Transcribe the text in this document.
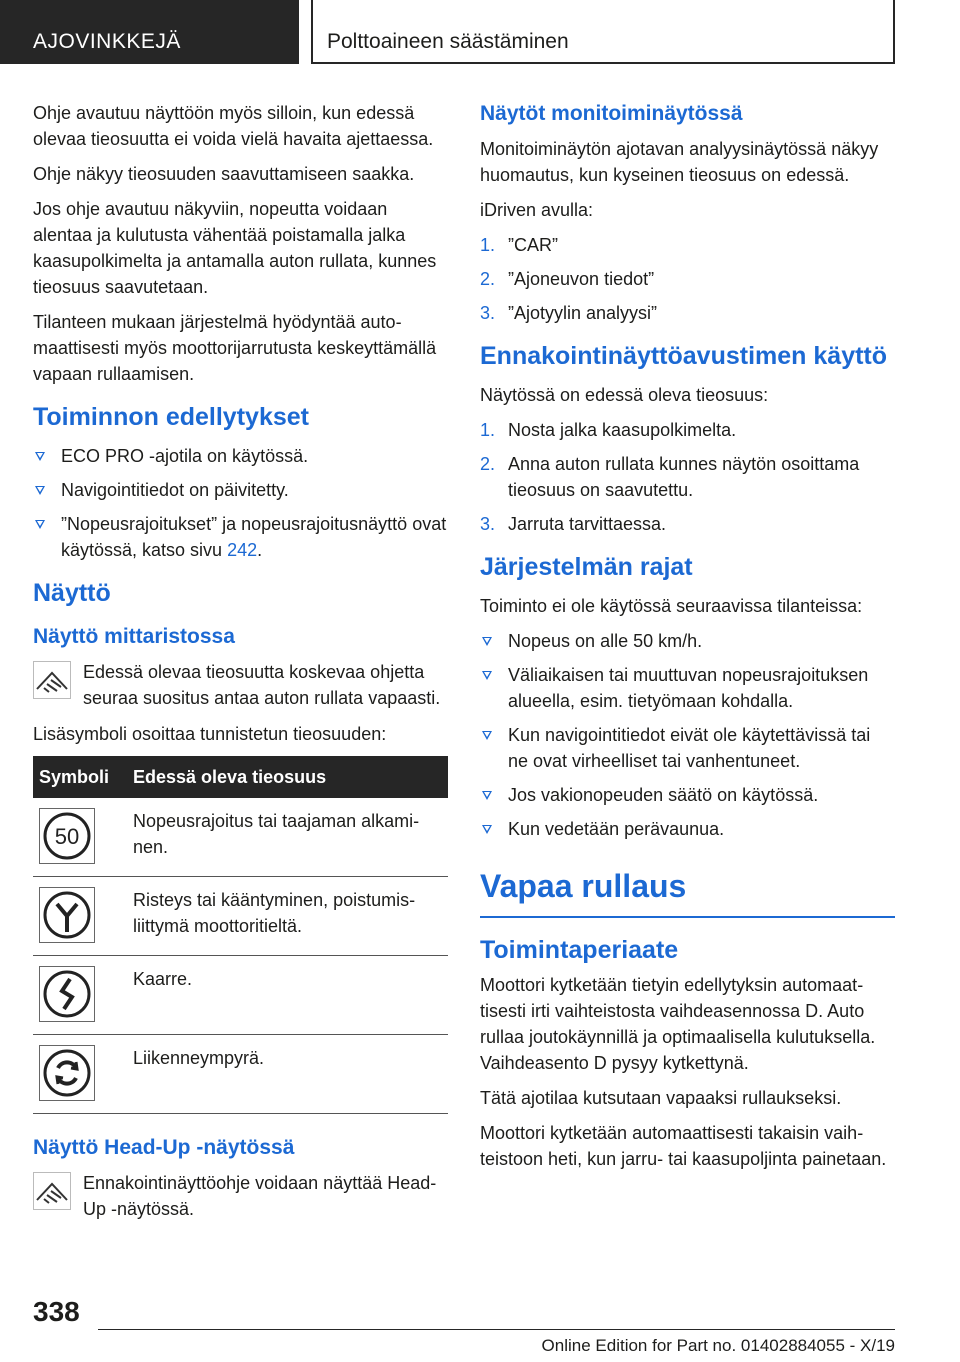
AJOVINKKEJÄ	Polttoaineen säästäminen

Ohje avautuu näyttöön myös silloin, kun edessä olevaa tieosuutta ei voida vielä havaita ajettaessa.

Ohje näkyy tieosuuden saavuttamiseen saakka.

Jos ohje avautuu näkyviin, nopeutta voidaan alentaa ja kulutusta vähentää poistamalla jalka kaasupolkimelta ja antamalla auton rullata, kunnes tieosuus saavutetaan.

Tilanteen mukaan järjestelmä hyödyntää automaattisesti myös moottorijarrutusta keskeyttämällä vapaan rullaamisen.

Toiminnon edellytykset
ECO PRO -ajotila on käytössä.
Navigointitiedot on päivitetty.
”Nopeusrajoitukset” ja nopeusrajoitusnäyttö ovat käytössä, katso sivu 242.
Näyttö
Näyttö mittaristossa
Edessä olevaa tieosuutta koskevaa ohjetta seuraa suositus antaa auton rullata vapaasti.

Lisäsymboli osoittaa tunnistetun tieosuuden:

Symboli	Edessä oleva tieosuus

50	Nopeusrajoitus tai taajaman alkaminen.

	Risteys tai kääntyminen, poistumisliittymä moottoritieltä.

	Kaarre.

	Liikenneympyrä.
Näyttö Head-Up -näytössä
Ennakointinäyttöohje voidaan näyttää Head-Up -näytössä.
Näytöt monitoiminäytössä

Monitoiminäytön ajotavan analyysinäytössä näkyy huomautus, kun kyseinen tieosuus on edessä.

iDriven avulla:

1. ”CAR”
2. ”Ajoneuvon tiedot”
3. ”Ajotyylin analyysi”
Ennakointinäyttöavustimen käyttö

Näytössä on edessä oleva tieosuus:

1. Nosta jalka kaasupolkimelta.
2. Anna auton rullata kunnes näytön osoittama tieosuus on saavutettu.
3. Jarruta tarvittaessa.
Järjestelmän rajat

Toiminto ei ole käytössä seuraavissa tilanteissa:

Nopeus on alle 50 km/h.
Väliaikaisen tai muuttuvan nopeusrajoituksen alueella, esim. tietyömaan kohdalla.
Kun navigointitiedot eivät ole käytettävissä tai ne ovat virheelliset tai vanhentuneet.
Jos vakionopeuden säätö on käytössä.
Kun vedetään perävaunua.
Vapaa rullaus
Toimintaperiaate

Moottori kytketään tietyin edellytyksin automaattisesti irti vaihteistosta vaihdeasennossa D. Auto rullaa joutokäynnillä ja optimaalisella kulutuksella. Vaihdeasento D pysyy kytkettynä.

Tätä ajotilaa kutsutaan vapaaksi rullaukseksi.

Moottori kytketään automaattisesti takaisin vaihteistoon heti, kun jarru- tai kaasupoljinta painetaan.

338
Online Edition for Part no. 01402884055 - X/19
